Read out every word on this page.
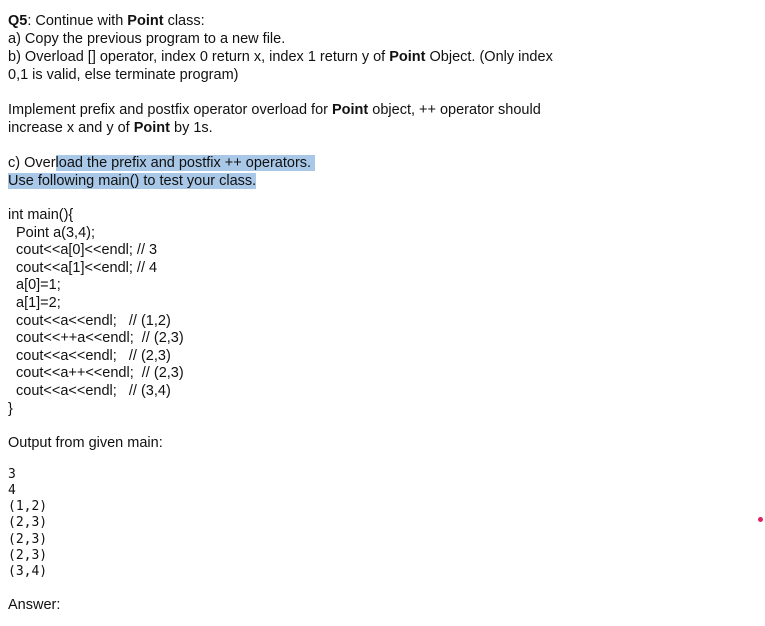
Q5: Continue with Point class:

a) Copy the previous program to a new file.

b) Overload [] operator, index 0 return x, index 1 return y of Point Object. (Only index

0,1 is valid, else terminate program)

Implement prefix and postfix operator overload for Point object, ++ operator should

increase x and y of Point by 1s.

c) Overload the prefix and postfix ++ operators.

Use following main() to test your class.

int main(){

Point a(3,4);

cout<<a[0]<<endl; // 3

cout<<a[1]<<endl; // 4

a[0]=1;

a[1]=2;

cout<<a<<endl;   // (1,2)

cout<<++a<<endl;  // (2,3)

cout<<a<<endl;   // (2,3)

cout<<a++<<endl;  // (2,3)

cout<<a<<endl;   // (3,4)

}

Output from given main:

3

4

(1,2)

(2,3)

(2,3)

(2,3)

(3,4)

Answer:
